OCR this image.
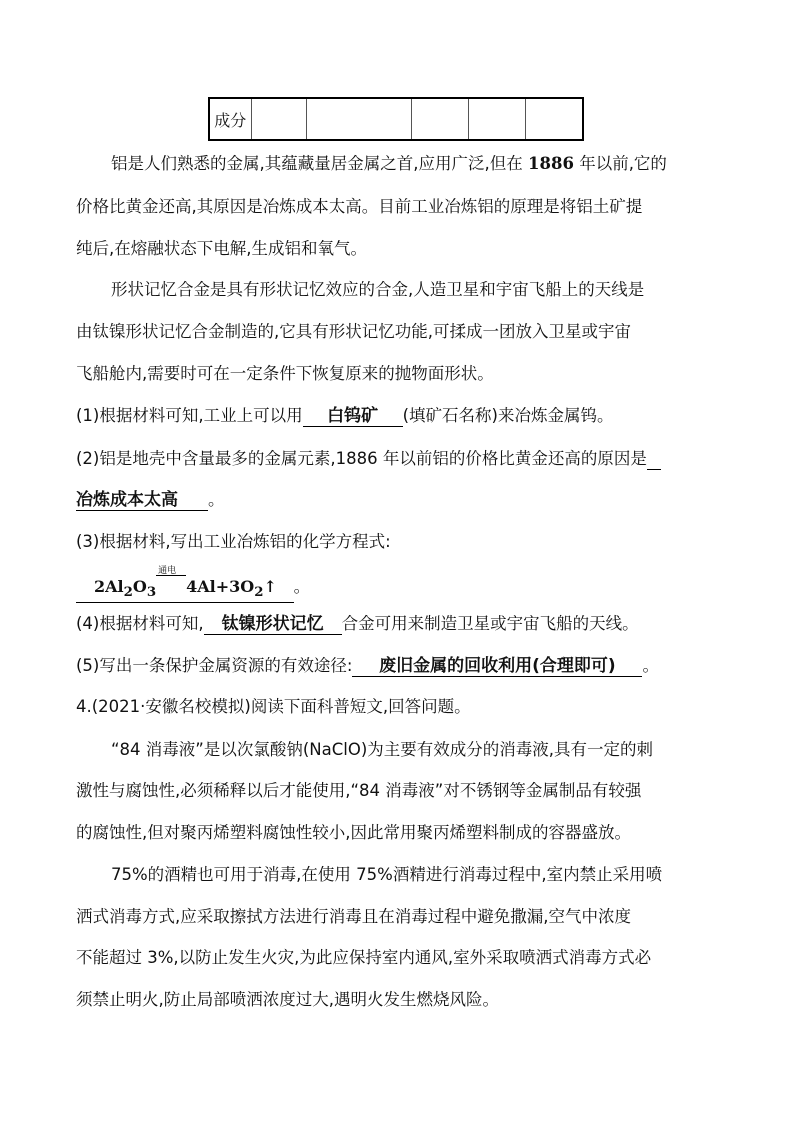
成分
铝是人们熟悉的金属,其蕴藏量居金属之首,应用广泛,但在 1886 年以前,它的
价格比黄金还高,其原因是冶炼成本太高。目前工业冶炼铝的原理是将铝土矿提
纯后,在熔融状态下电解,生成铝和氧气。
形状记忆合金是具有形状记忆效应的合金,人造卫星和宇宙飞船上的天线是
由钛镍形状记忆合金制造的,它具有形状记忆功能,可揉成一团放入卫星或宇宙
飞船舱内,需要时可在一定条件下恢复原来的抛物面形状。
(1)根据材料可知,工业上可以用 白钨矿 (填矿石名称)来冶炼金属钨。
(2)铝是地壳中含量最多的金属元素,1886 年以前铝的价格比黄金还高的原因是
冶炼成本太高 。
(3)根据材料,写出工业冶炼铝的化学方程式:
$2Al_2O_3$
通电
$4Al+3O_2↑$ 。
(4)根据材料可知, 钛镍形状记忆 合金可用来制造卫星或宇宙飞船的天线。
(5)写出一条保护金属资源的有效途径: 废旧金属的回收利用(合理即可) 。
4.(2021·安徽名校模拟)阅读下面科普短文,回答问题。
“84 消毒液”是以次氯酸钠(NaClO)为主要有效成分的消毒液,具有一定的刺
激性与腐蚀性,必须稀释以后才能使用,“84 消毒液”对不锈钢等金属制品有较强
的腐蚀性,但对聚丙烯塑料腐蚀性较小,因此常用聚丙烯塑料制成的容器盛放。
75%的酒精也可用于消毒,在使用 75%酒精进行消毒过程中,室内禁止采用喷
洒式消毒方式,应采取擦拭方法进行消毒且在消毒过程中避免撒漏,空气中浓度
不能超过 3%,以防止发生火灾,为此应保持室内通风,室外采取喷洒式消毒方式必
须禁止明火,防止局部喷洒浓度过大,遇明火发生燃烧风险。
